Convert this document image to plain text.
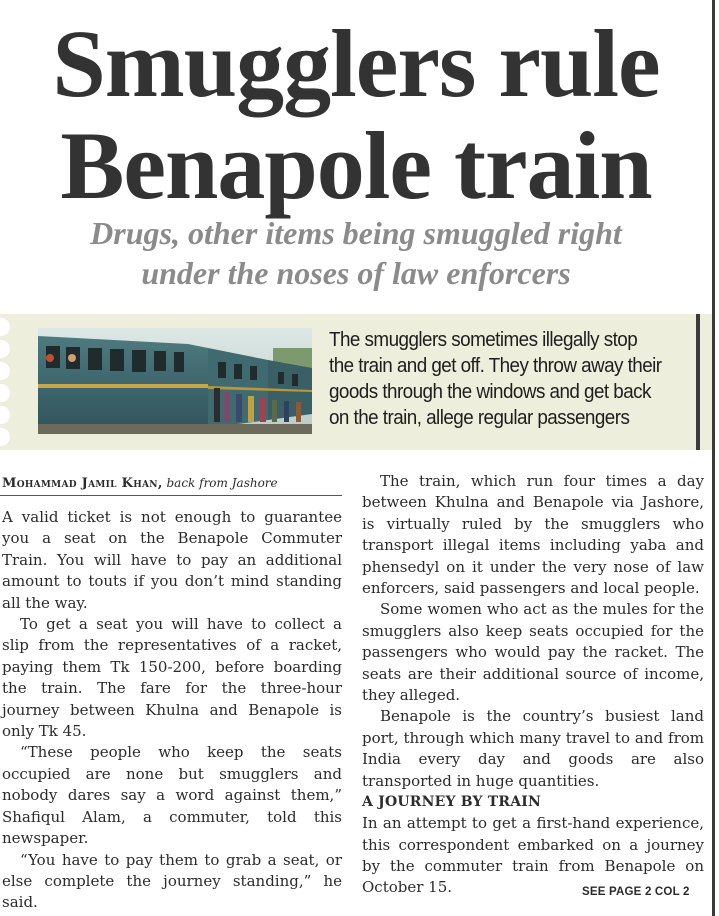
Smugglers rule
Benapole train
Drugs, other items being smuggled right
under the noses of law enforcers
The smugglers sometimes illegally stop the train and get off. They throw away their goods through the windows and get back on the train, allege regular passengers
Mohammad Jamil Khan, back from Jashore

A valid ticket is not enough to guarantee you a seat on the Benapole Commuter Train. You will have to pay an additional amount to touts if you don’t mind standing all the way.

To get a seat you will have to collect a slip from the representatives of a racket, paying them Tk 150-200, before boarding the train. The fare for the three-hour journey between Khulna and Benapole is only Tk 45.

“These people who keep the seats occupied are none but smugglers and nobody dares say a word against them,” Shafiqul Alam, a commuter, told this newspaper.

“You have to pay them to grab a seat, or else complete the journey standing,” he said.

The train, which run four times a day between Khulna and Benapole via Jashore, is virtually ruled by the smugglers who transport illegal items including yaba and phensedyl on it under the very nose of law enforcers, said passengers and local people.

Some women who act as the mules for the smugglers also keep seats occupied for the passengers who would pay the racket. The seats are their additional source of income, they alleged.

Benapole is the country’s busiest land port, through which many travel to and from India every day and goods are also transported in huge quantities.

A JOURNEY BY TRAIN

In an attempt to get a first-hand experience, this correspondent embarked on a journey by the commuter train from Benapole on October 15.	SEE PAGE 2 COL 2
